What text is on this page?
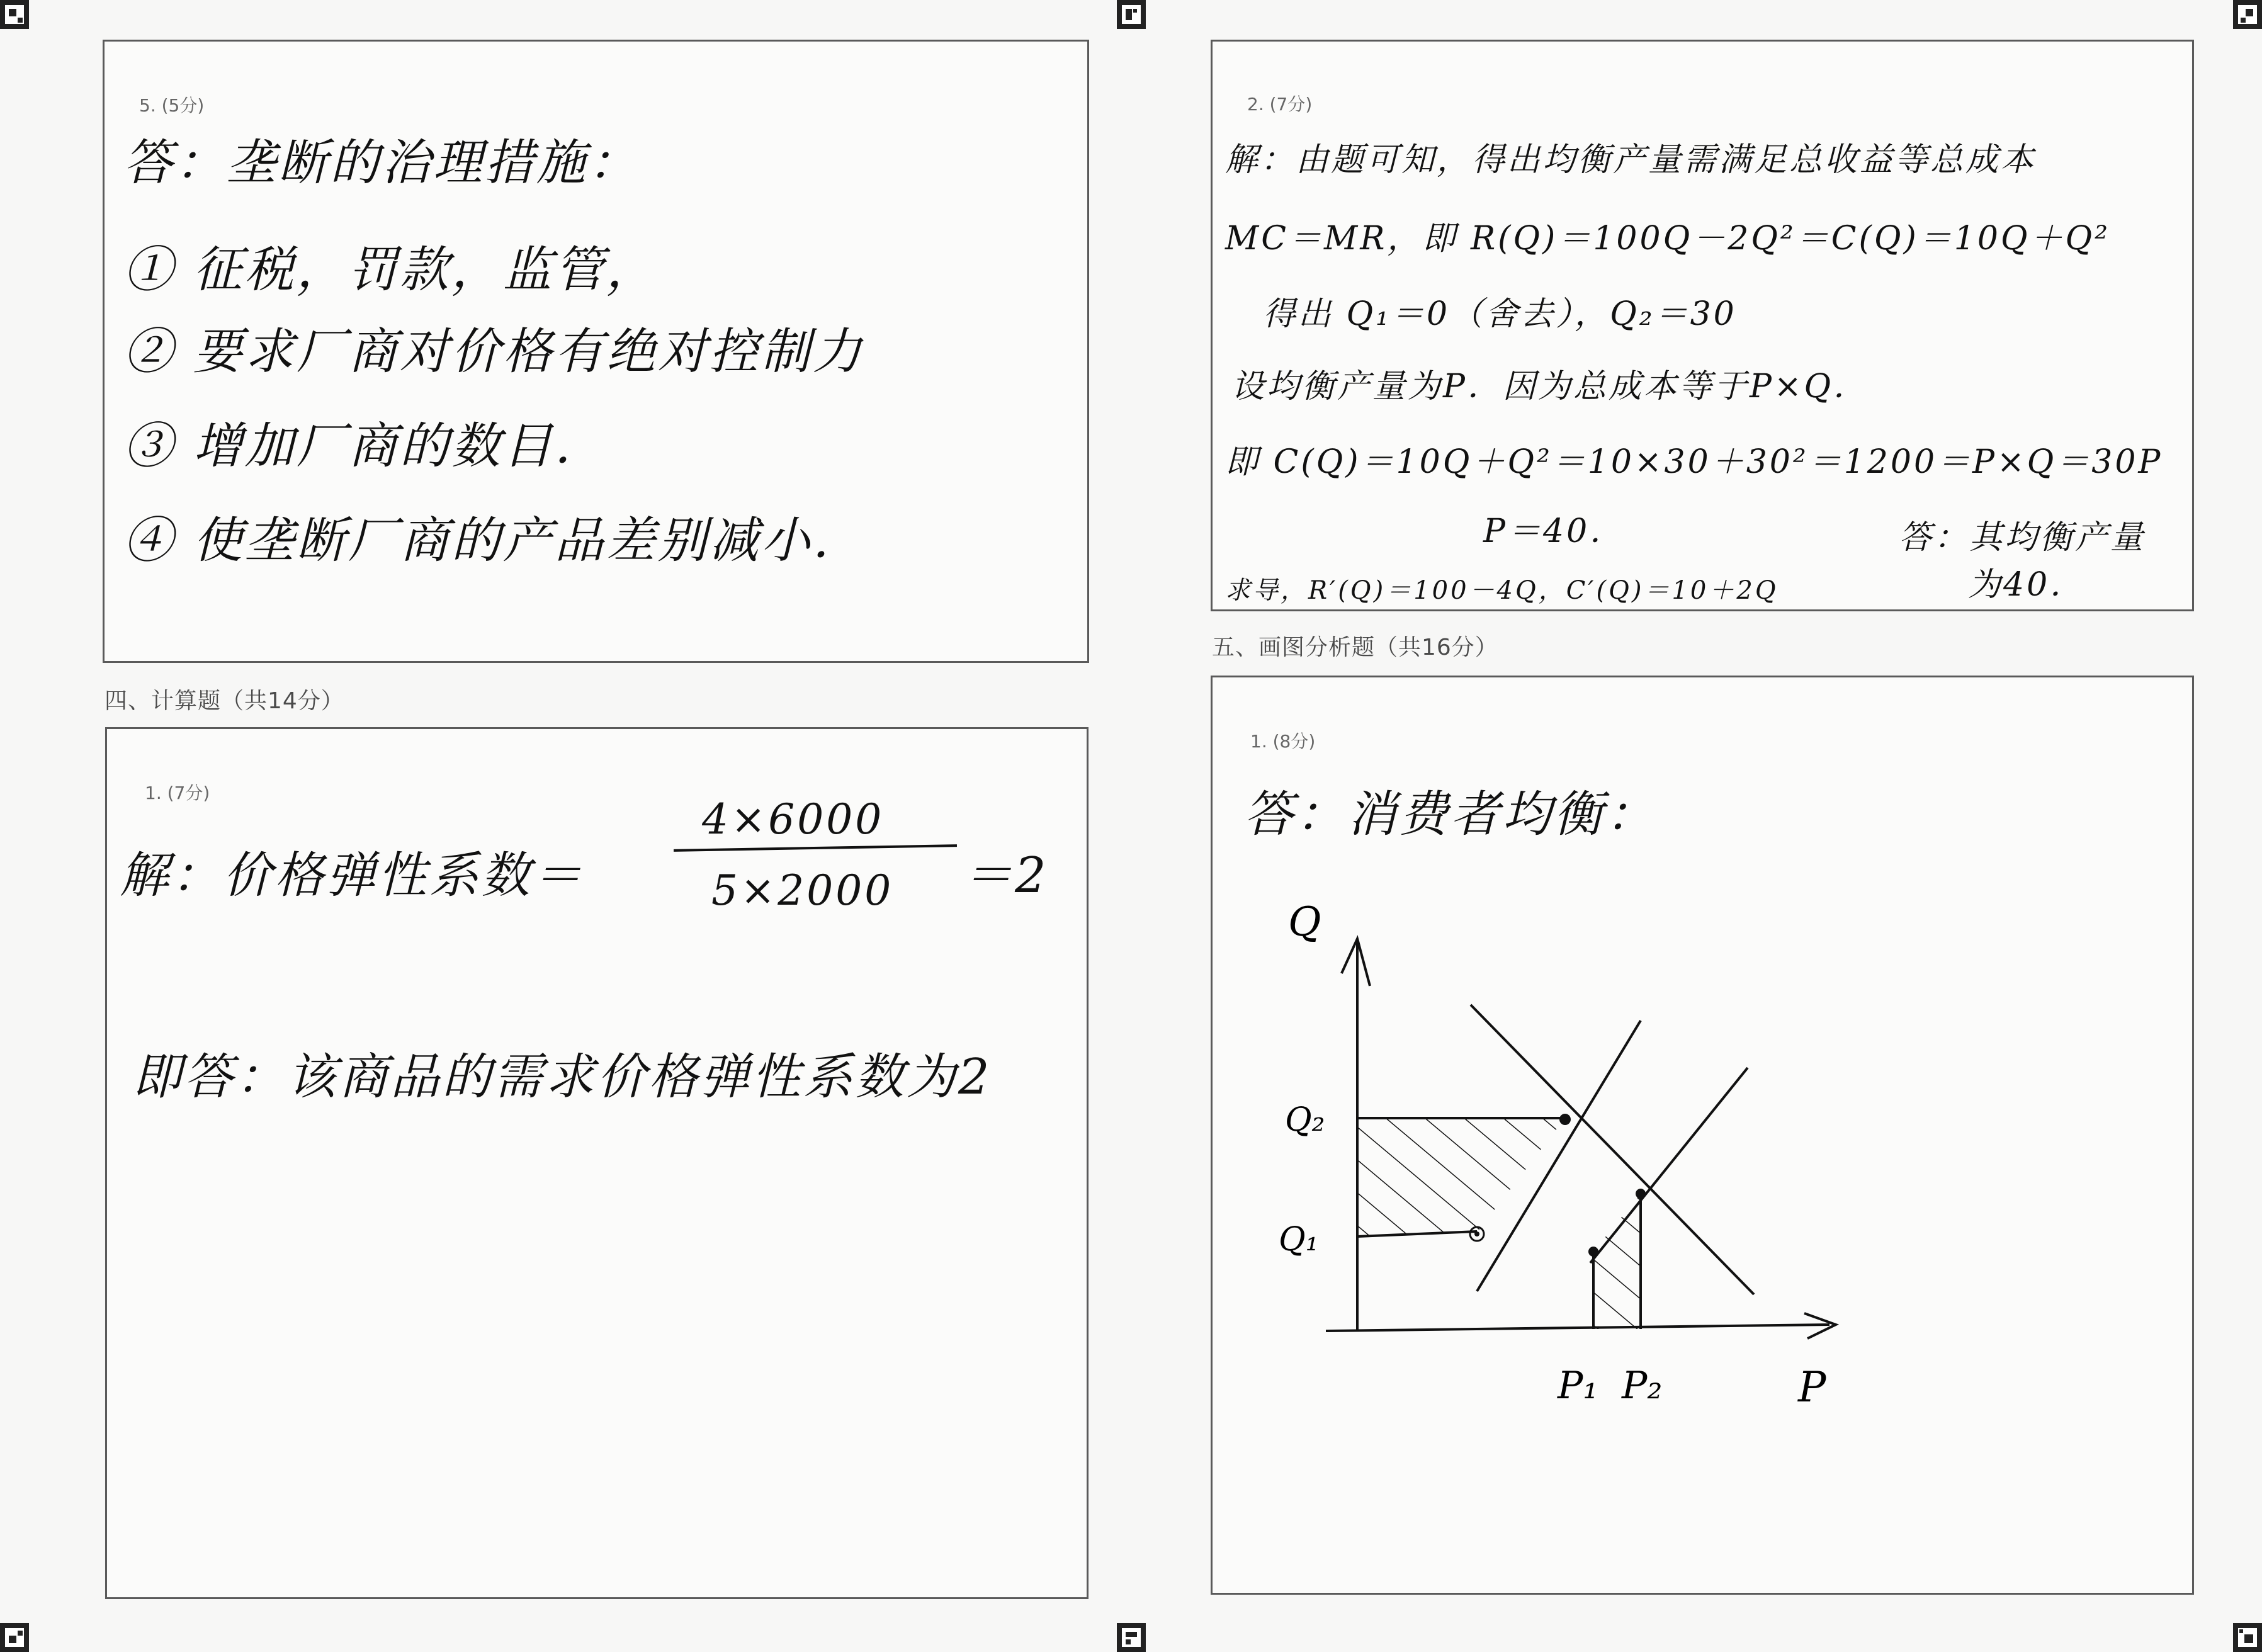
5. (5分)
答：垄断的治理措施：
① 征税，罚款，监管，
② 要求厂商对价格有绝对控制力
③ 增加厂商的数目．
④ 使垄断厂商的产品差别减小．
四、计算题（共14分）
1. (7分)
解：价格弹性系数＝
4×6000
5×2000 ＝2
即答：该商品的需求价格弹性系数为2
2. (7分)
解：由题可知，得出均衡产量需满足总收益等总成本
MC＝MR，即 R(Q)＝100Q－2Q²＝C(Q)＝10Q＋Q²
得出 Q₁＝0（舍去），Q₂＝30
设均衡产量为P．因为总成本等于P×Q．
即 C(Q)＝10Q＋Q²＝10×30＋30²＝1200＝P×Q＝30P
P＝40．	答：其均衡产量
为40．
求导，R′(Q)＝100－4Q，C′(Q)＝10＋2Q
五、画图分析题（共16分）
1. (8分)
答：消费者均衡：
Q
P
Q₂
Q₁
P₁ P₂
